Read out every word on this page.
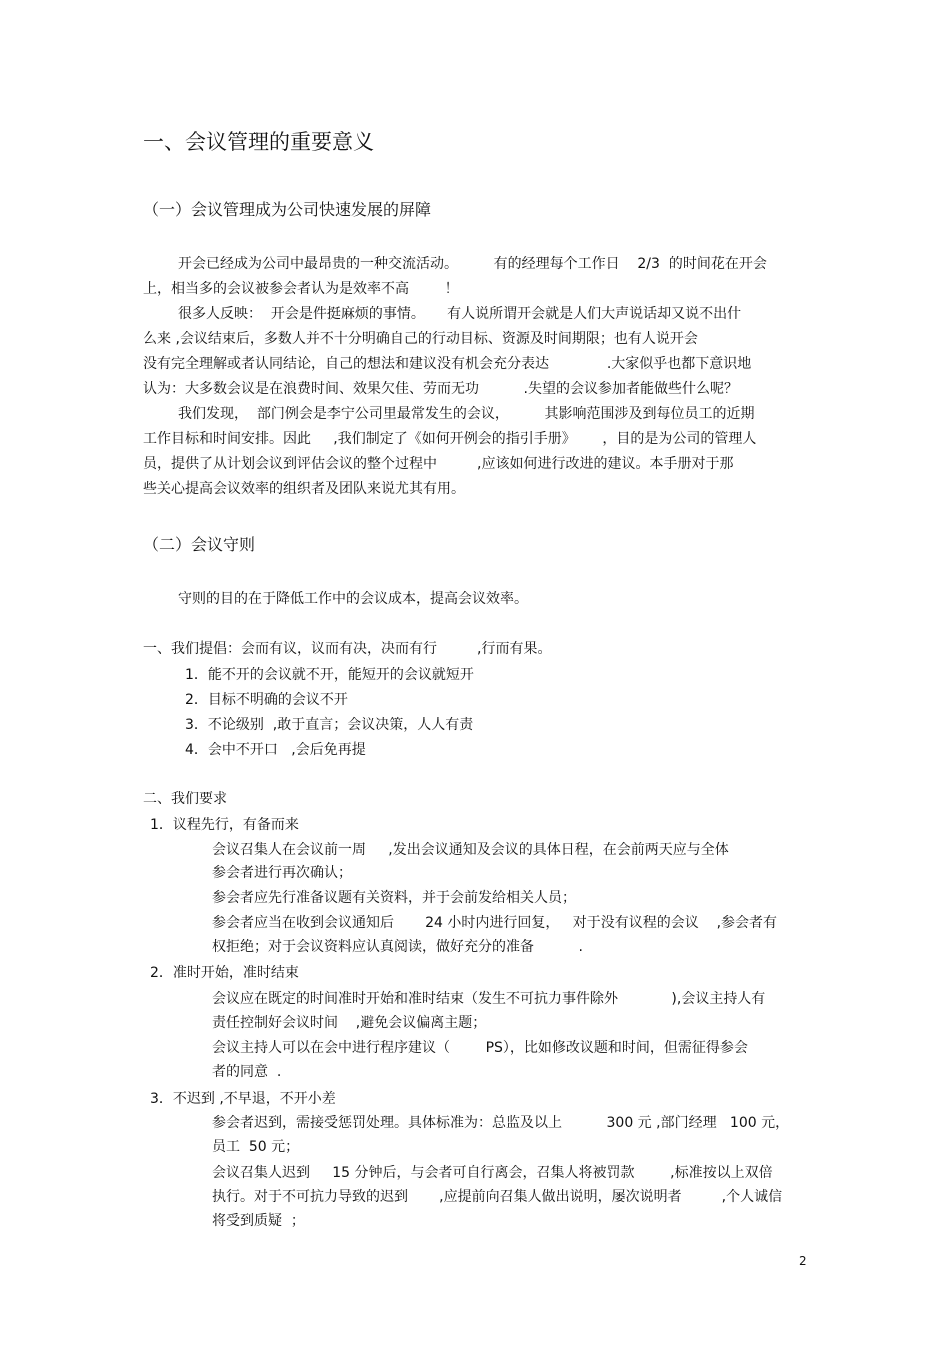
一、会议管理的重要意义
（一）会议管理成为公司快速发展的屏障
开会已经成为公司中最昂贵的一种交流活动。        有的经理每个工作日    2/3  的时间花在开会
上，相当多的会议被参会者认为是效率不高        ！
很多人反映：  开会是件挺麻烦的事情。     有人说所谓开会就是人们大声说话却又说不出什
么来 ,会议结束后，多数人并不十分明确自己的行动目标、资源及时间期限；也有人说开会
没有完全理解或者认同结论，自己的想法和建议没有机会充分表达             .大家似乎也都下意识地
认为：大多数会议是在浪费时间、效果欠佳、劳而无功          .失望的会议参加者能做些什么呢？
我们发现，  部门例会是李宁公司里最常发生的会议，        其影响范围涉及到每位员工的近期
工作目标和时间安排。因此     ,我们制定了《如何开例会的指引手册》      ，目的是为公司的管理人
员，提供了从计划会议到评估会议的整个过程中         ,应该如何进行改进的建议。本手册对于那
些关心提高会议效率的组织者及团队来说尤其有用。
（二）会议守则
守则的目的在于降低工作中的会议成本，提高会议效率。
一、我们提倡：会而有议，议而有决，决而有行         ,行而有果。
1．能不开的会议就不开，能短开的会议就短开
2．目标不明确的会议不开
3．不论级别  ,敢于直言；会议决策，人人有责
4．会中不开口   ,会后免再提
二、我们要求
1．议程先行，有备而来
会议召集人在会议前一周     ,发出会议通知及会议的具体日程，在会前两天应与全体
参会者进行再次确认；
参会者应先行准备议题有关资料，并于会前发给相关人员；
参会者应当在收到会议通知后       24 小时内进行回复，   对于没有议程的会议    ,参会者有
权拒绝；对于会议资料应认真阅读，做好充分的准备          .
2．准时开始，准时结束
会议应在既定的时间准时开始和准时结束（发生不可抗力事件除外            ),会议主持人有
责任控制好会议时间    ,避免会议偏离主题；
会议主持人可以在会中进行程序建议（        PS），比如修改议题和时间，但需征得参会
者的同意  .
3．不迟到 ,不早退，不开小差
参会者迟到，需接受惩罚处理。具体标准为：总监及以上          300 元 ,部门经理   100 元，
员工  50 元；
会议召集人迟到     15 分钟后，与会者可自行离会，召集人将被罚款        ,标准按以上双倍
执行。对于不可抗力导致的迟到       ,应提前向召集人做出说明，屡次说明者         ,个人诚信
将受到质疑  ；
2
